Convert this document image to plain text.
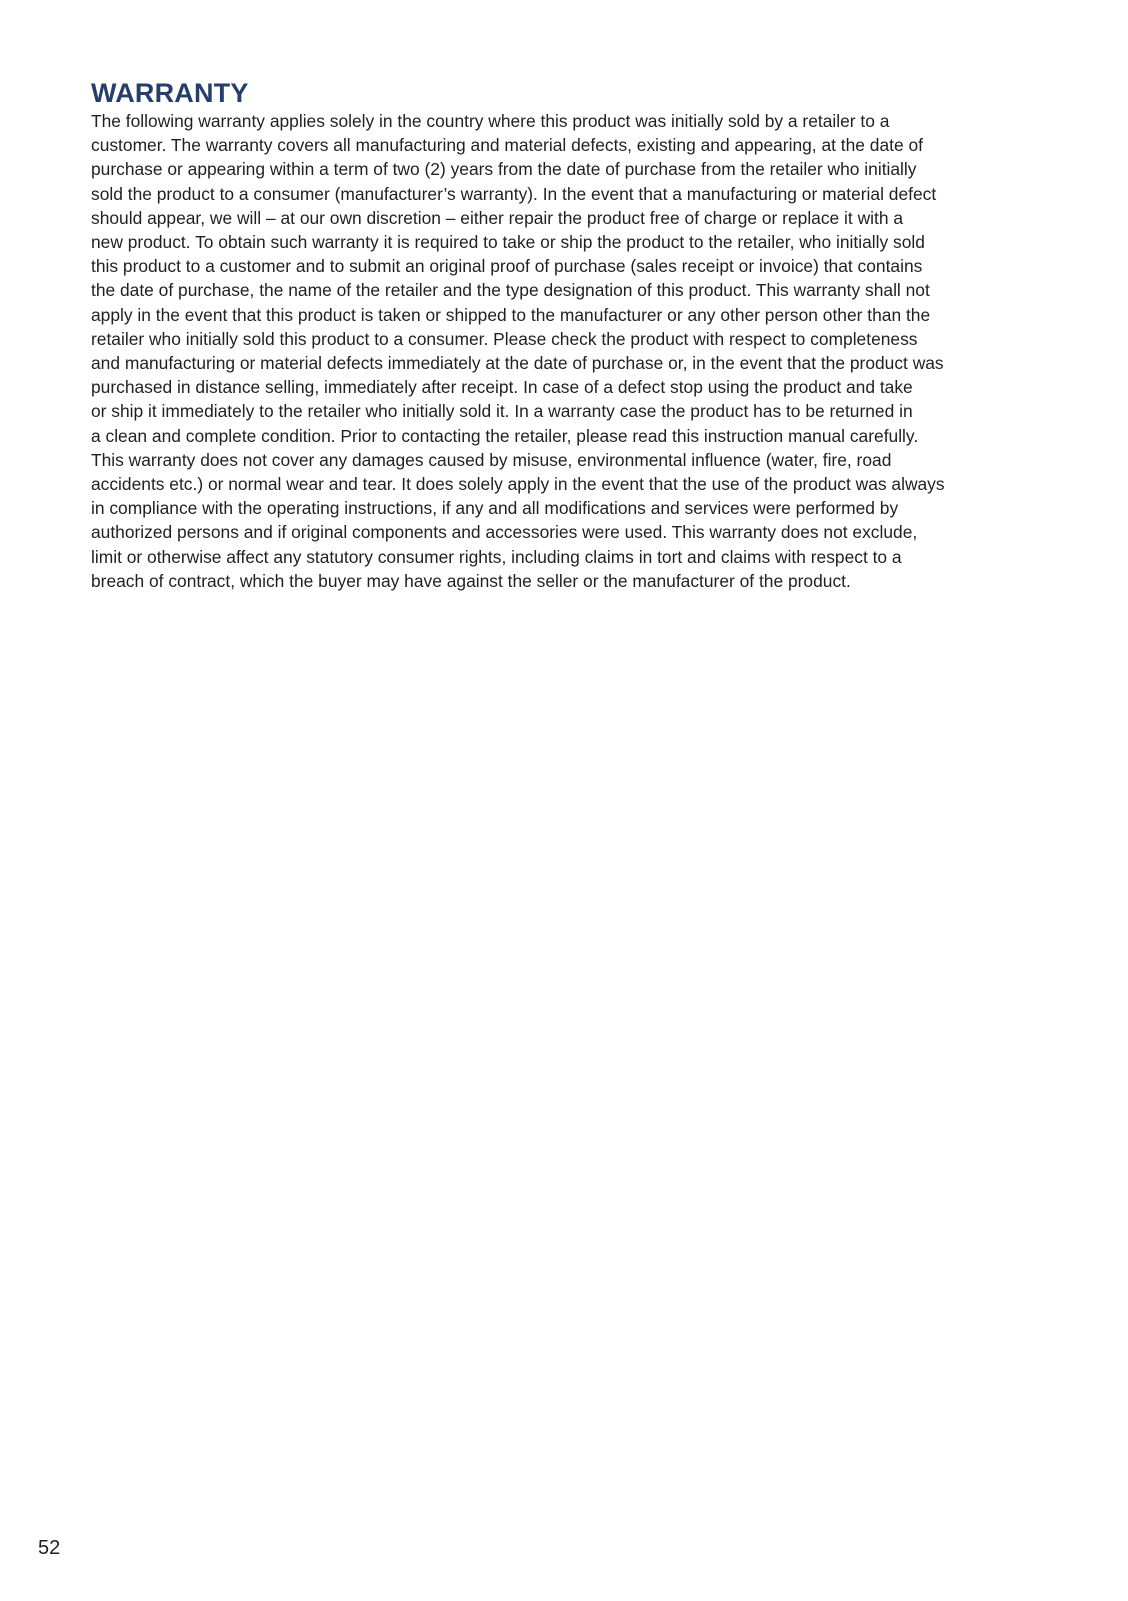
WARRANTY
The following warranty applies solely in the country where this product was initially sold by a retailer to a
customer. The warranty covers all manufacturing and material defects, existing and appearing, at the date of
purchase or appearing within a term of two (2) years from the date of purchase from the retailer who initially
sold the product to a consumer (manufacturer’s warranty). In the event that a manufacturing or material defect
should appear, we will – at our own discretion – either repair the product free of charge or replace it with a
new product. To obtain such warranty it is required to take or ship the product to the retailer, who initially sold
this product to a customer and to submit an original proof of purchase (sales receipt or invoice) that contains
the date of purchase, the name of the retailer and the type designation of this product. This warranty shall not
apply in the event that this product is taken or shipped to the manufacturer or any other person other than the
retailer who initially sold this product to a consumer. Please check the product with respect to completeness
and manufacturing or material defects immediately at the date of purchase or, in the event that the product was
purchased in distance selling, immediately after receipt. In case of a defect stop using the product and take
or ship it immediately to the retailer who initially sold it. In a warranty case the product has to be returned in
a clean and complete condition. Prior to contacting the retailer, please read this instruction manual carefully.
This warranty does not cover any damages caused by misuse, environmental influence (water, fire, road
accidents etc.) or normal wear and tear. It does solely apply in the event that the use of the product was always
in compliance with the operating instructions, if any and all modifications and services were performed by
authorized persons and if original components and accessories were used. This warranty does not exclude,
limit or otherwise affect any statutory consumer rights, including claims in tort and claims with respect to a
breach of contract, which the buyer may have against the seller or the manufacturer of the product.
52
